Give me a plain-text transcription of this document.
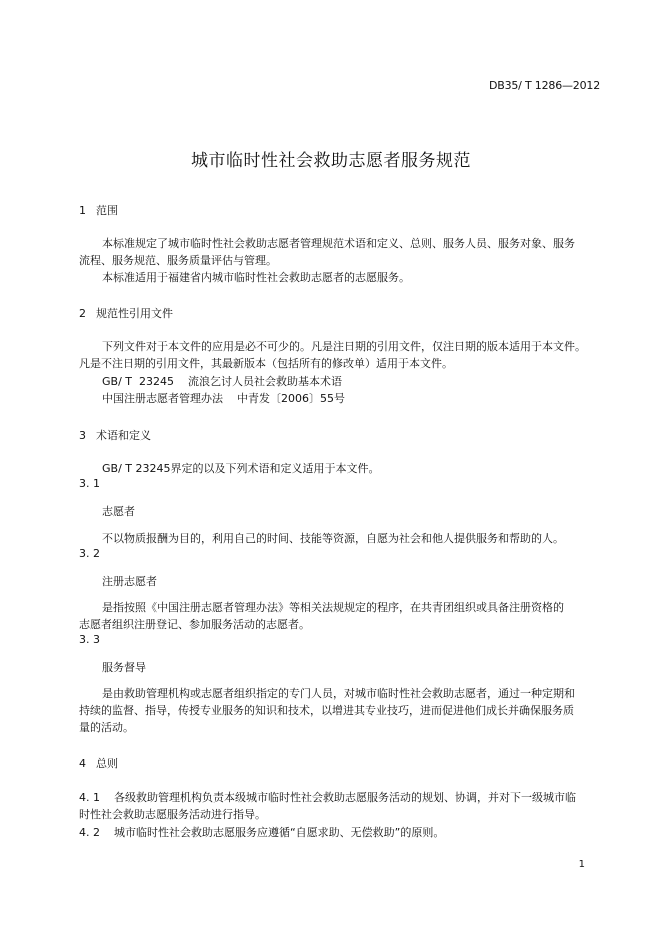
DB35/ T 1286—2012
城市临时性社会救助志愿者服务规范
1 范围
本标准规定了城市临时性社会救助志愿者管理规范术语和定义、总则、服务人员、服务对象、服务
流程、服务规范、服务质量评估与管理。
本标准适用于福建省内城市临时性社会救助志愿者的志愿服务。
2 规范性引用文件
下列文件对于本文件的应用是必不可少的。凡是注日期的引用文件，仅注日期的版本适用于本文件。
凡是不注日期的引用文件，其最新版本（包括所有的修改单）适用于本文件。
GB/ T  23245    流浪乞讨人员社会救助基本术语
中国注册志愿者管理办法    中青发〔2006〕55号
3 术语和定义
GB/ T 23245界定的以及下列术语和定义适用于本文件。
3. 1
志愿者
不以物质报酬为目的，利用自己的时间、技能等资源，自愿为社会和他人提供服务和帮助的人。
3. 2
注册志愿者
是指按照《中国注册志愿者管理办法》等相关法规规定的程序，在共青团组织或具备注册资格的
志愿者组织注册登记、参加服务活动的志愿者。
3. 3
服务督导
是由救助管理机构或志愿者组织指定的专门人员，对城市临时性社会救助志愿者，通过一种定期和
持续的监督、指导，传授专业服务的知识和技术，以增进其专业技巧，进而促进他们成长并确保服务质
量的活动。
4 总则
4. 1    各级救助管理机构负责本级城市临时性社会救助志愿服务活动的规划、协调，并对下一级城市临
时性社会救助志愿服务活动进行指导。
4. 2    城市临时性社会救助志愿服务应遵循“自愿求助、无偿救助”的原则。
1
